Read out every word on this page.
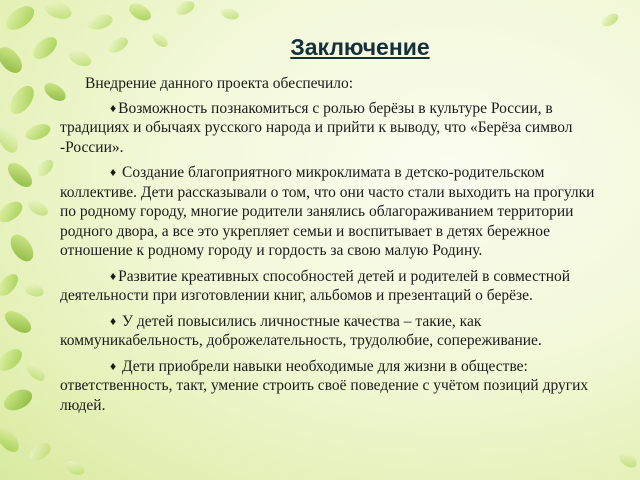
Заключение

Внедрение данного проекта обеспечило:

♦ Возможность познакомиться с ролью берёзы в культуре России, в традициях и обычаях русского народа и прийти к выводу, что «Берёза символ -России».

♦ Создание благоприятного микроклимата в детско-родительском коллективе. Дети рассказывали о том, что они часто стали выходить на прогулки по родному городу, многие родители занялись облагораживанием территории родного двора, а все это укрепляет семьи и воспитывает в детях бережное отношение к родному городу и гордость за свою малую Родину.

♦ Развитие креативных способностей детей и родителей в совместной деятельности при изготовлении книг, альбомов и презентаций о берёзе.

♦ У детей повысились личностные качества – такие, как коммуникабельность, доброжелательность, трудолюбие, сопереживание.

♦ Дети приобрели навыки необходимые для жизни в обществе: ответственность, такт, умение строить своё поведение с учётом позиций других людей.
